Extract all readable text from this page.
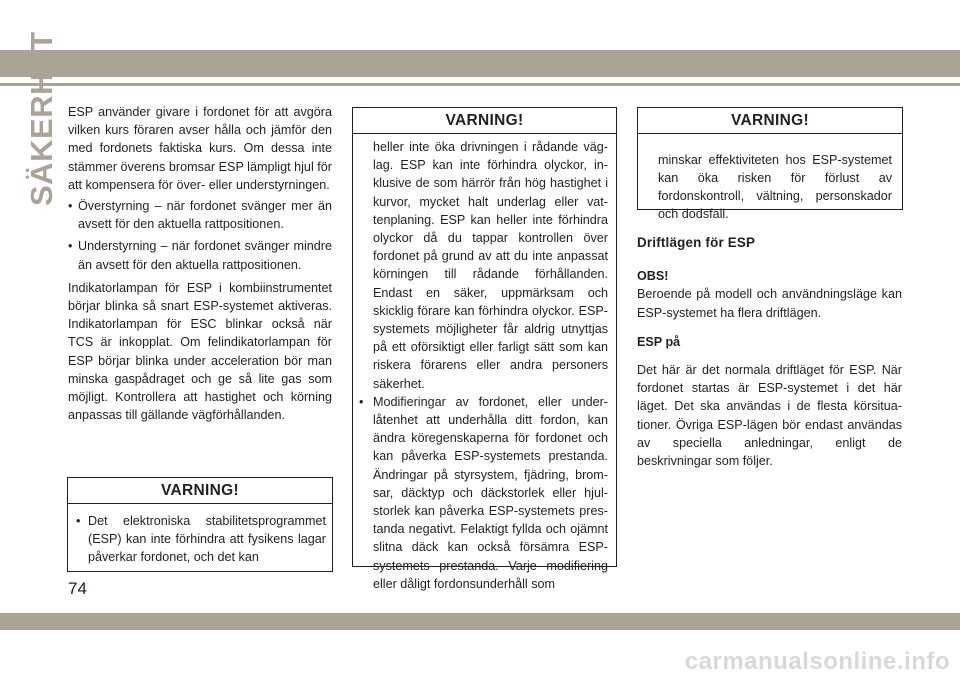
SÄKERHET ESP använder givare i fordonet för att avgöra vilken kurs föraren avser hålla och jämför den med fordonets faktiska kurs. Om dessa inte stämmer överens bromsar ESP lämpligt hjul för att kompensera för över- eller understyrningen.

• Överstyrning – när fordonet svänger mer än avsett för den aktuella rattpositionen.
• Understyrning – när fordonet svänger mindre än avsett för den aktuella rattpositionen.

Indikatorlampan för ESP i kombiinstrumentet börjar blinka så snart ESP-systemet aktiveras. Indikatorlampan för ESC blinkar också när TCS är inkopplat. Om felindikatorlampan för ESP börjar blinka under acceleration bör man minska gaspådraget och ge så lite gas som möjligt. Kontrollera att hastighet och körning anpassas till gällande vägförhållanden.

VARNING!
• Det elektroniska stabilitetsprogrammet (ESP) kan inte förhindra att fysikens lagar påverkar fordonet, och det kan
VARNING!
heller inte öka drivningen i rådande väglag. ESP kan inte förhindra olyckor, inklusive de som härrör från hög hastighet i kurvor, mycket halt underlag eller vattenplaning. ESP kan heller inte förhindra olyckor då du tappar kontrollen över fordonet på grund av att du inte anpassat körningen till rådande förhållanden. Endast en säker, uppmärksam och skicklig förare kan förhindra olyckor. ESP-systemets möjligheter får aldrig utnyttjas på ett oförsiktigt eller farligt sätt som kan riskera förarens eller andra personers säkerhet.
• Modifieringar av fordonet, eller underlåtenhet att underhålla ditt fordon, kan ändra köregenskaperna för fordonet och kan påverka ESP-systemets prestanda. Ändringar på styrsystem, fjädring, bromsar, däcktyp och däckstorlek eller hjulstorlek kan påverka ESP-systemets prestanda negativt. Felaktigt fyllda och ojämnt slitna däck kan också försämra ESP-systemets prestanda. Varje modifiering eller dåligt fordonsunderhåll som
VARNING!

minskar effektiviteten hos ESP-systemet kan öka risken för förlust av fordonskontroll, vältning, personskador och dödsfall.

Driftlägen för ESP

OBS!

Beroende på modell och användningsläge kan ESP-systemet ha flera driftlägen.

ESP på

Det här är det normala driftläget för ESP. När fordonet startas är ESP-systemet i det här läget. Det ska användas i de flesta körsituationer. Övriga ESP-lägen bör endast användas av speciella anledningar, enligt de beskrivningar som följer.

74
carmanualsonline.info
